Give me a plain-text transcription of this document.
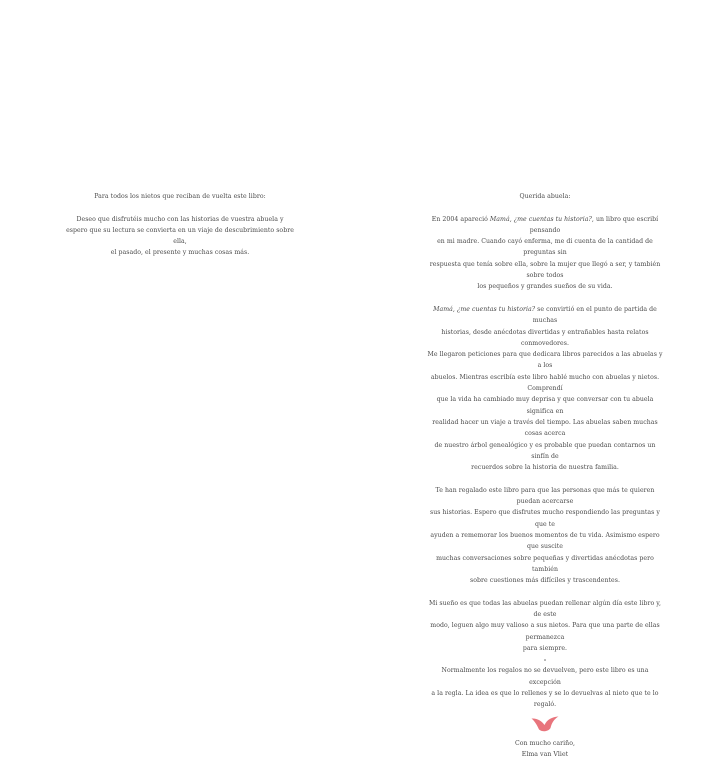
Para todos los nietos que reciban de vuelta este libro:

Deseo que disfrutéis mucho con las historias de vuestra abuela y

espero que su lectura se convierta en un viaje de descubrimiento sobre ella,

el pasado, el presente y muchas cosas más.

Querida abuela:

En 2004 apareció Mamá, ¿me cuentas tu historia?, un libro que escribí pensando

en mi madre. Cuando cayó enferma, me di cuenta de la cantidad de preguntas sin

respuesta que tenía sobre ella, sobre la mujer que llegó a ser, y también sobre todos

los pequeños y grandes sueños de su vida.

Mamá, ¿me cuentas tu historia? se convirtió en el punto de partida de muchas

historias, desde anécdotas divertidas y entrañables hasta relatos conmovedores.

Me llegaron peticiones para que dedicara libros parecidos a las abuelas y a los

abuelos. Mientras escribía este libro hablé mucho con abuelas y nietos. Comprendí

que la vida ha cambiado muy deprisa y que conversar con tu abuela significa en

realidad hacer un viaje a través del tiempo. Las abuelas saben muchas cosas acerca

de nuestro árbol genealógico y es probable que puedan contarnos un sinfín de

recuerdos sobre la historia de nuestra familia.

Te han regalado este libro para que las personas que más te quieren puedan acercarse

sus historias. Espero que disfrutes mucho respondiendo las preguntas y que te

ayuden a rememorar los buenos momentos de tu vida. Asimismo espero que suscite

muchas conversaciones sobre pequeñas y divertidas anécdotas pero también

sobre cuestiones más difíciles y trascendentes.

Mi sueño es que todas las abuelas puedan rellenar algún día este libro y, de este

modo, leguen algo muy valioso a sus nietos. Para que una parte de ellas permanezca

para siempre.

Normalmente los regalos no se devuelven, pero este libro es una excepción

a la regla. La idea es que lo rellenes y se lo devuelvas al nieto que te lo regaló.

Con mucho cariño,

Elma van Vliet
